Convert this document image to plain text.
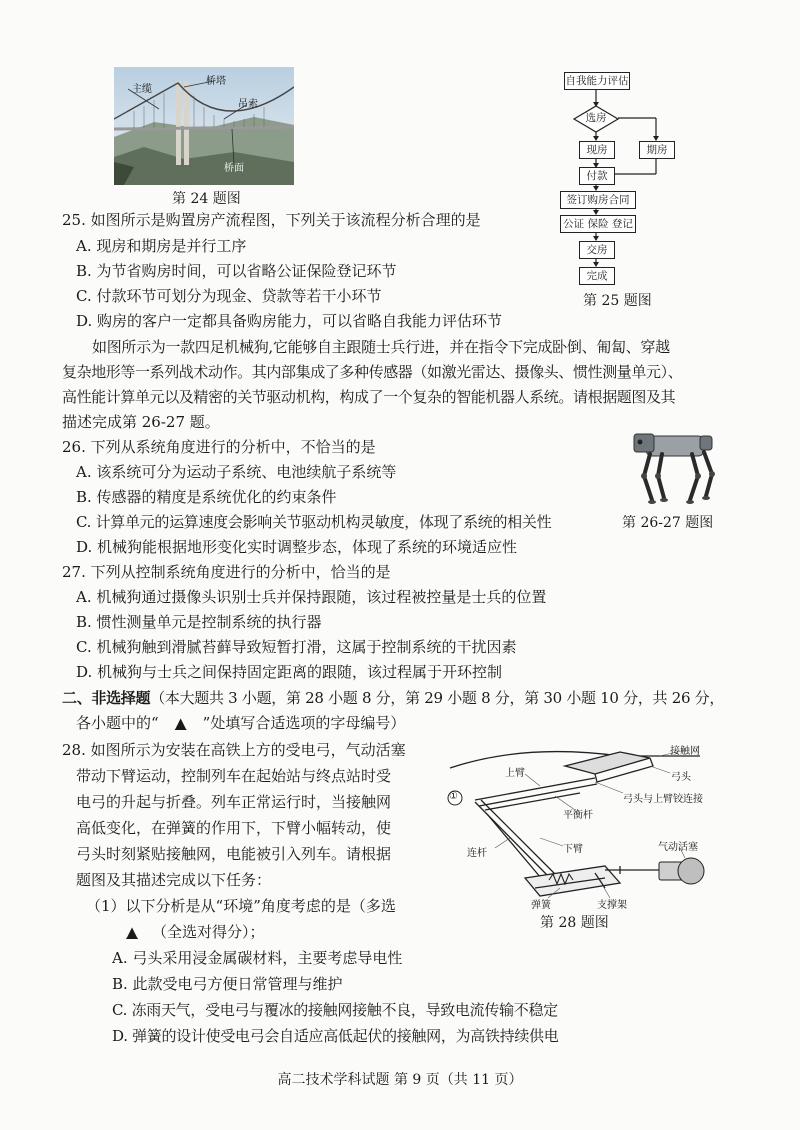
主缆
桥塔
吊索
桥面
第 24 题图
自我能力评估
选房
现房	期房
付款
签订购房合同
公证 保险 登记
交房
完成
第 25 题图
25. 如图所示是购置房产流程图，下列关于该流程分析合理的是
A. 现房和期房是并行工序
B. 为节省购房时间，可以省略公证保险登记环节
C. 付款环节可划分为现金、贷款等若干小环节
D. 购房的客户一定都具备购房能力，可以省略自我能力评估环节
如图所示为一款四足机械狗,它能够自主跟随士兵行进，并在指令下完成卧倒、匍匐、穿越
复杂地形等一系列战术动作。其内部集成了多种传感器（如激光雷达、摄像头、惯性测量单元）、
高性能计算单元以及精密的关节驱动机构，构成了一个复杂的智能机器人系统。请根据题图及其
描述完成第 26-27 题。
第 26-27 题图
26. 下列从系统角度进行的分析中，不恰当的是
A. 该系统可分为运动子系统、电池续航子系统等
B. 传感器的精度是系统优化的约束条件
C. 计算单元的运算速度会影响关节驱动机构灵敏度，体现了系统的相关性
D. 机械狗能根据地形变化实时调整步态，体现了系统的环境适应性
27. 下列从控制系统角度进行的分析中，恰当的是
A. 机械狗通过摄像头识别士兵并保持跟随，该过程被控量是士兵的位置
B. 惯性测量单元是控制系统的执行器
C. 机械狗触到滑腻苔藓导致短暂打滑，这属于控制系统的干扰因素
D. 机械狗与士兵之间保持固定距离的跟随，该过程属于开环控制
二、非选择题（本大题共 3 小题，第 28 小题 8 分，第 29 小题 8 分，第 30 小题 10 分，共 26 分，
各小题中的“ ▲ ”处填写合适选项的字母编号）
28. 如图所示为安装在高铁上方的受电弓，气动活塞
带动下臂运动，控制列车在起始站与终点站时受
电弓的升起与折叠。列车正常运行时，当接触网
高低变化，在弹簧的作用下，下臂小幅转动，使
弓头时刻紧贴接触网，电能被引入列车。请根据
题图及其描述完成以下任务：
（1）以下分析是从“环境”角度考虑的是（多选
▲ （全选对得分）；
A. 弓头采用浸金属碳材料，主要考虑导电性
B. 此款受电弓方便日常管理与维护
C. 冻雨天气，受电弓与覆冰的接触网接触不良，导致电流传输不稳定
D. 弹簧的设计使受电弓会自适应高低起伏的接触网，为高铁持续供电
接触网
上臂	弓头
弓头与上臂铰连接
平衡杆
下臂
连杆
气动活塞
弹簧	支撑架
①
第 28 题图
高二技术学科试题 第 9 页（共 11 页）
